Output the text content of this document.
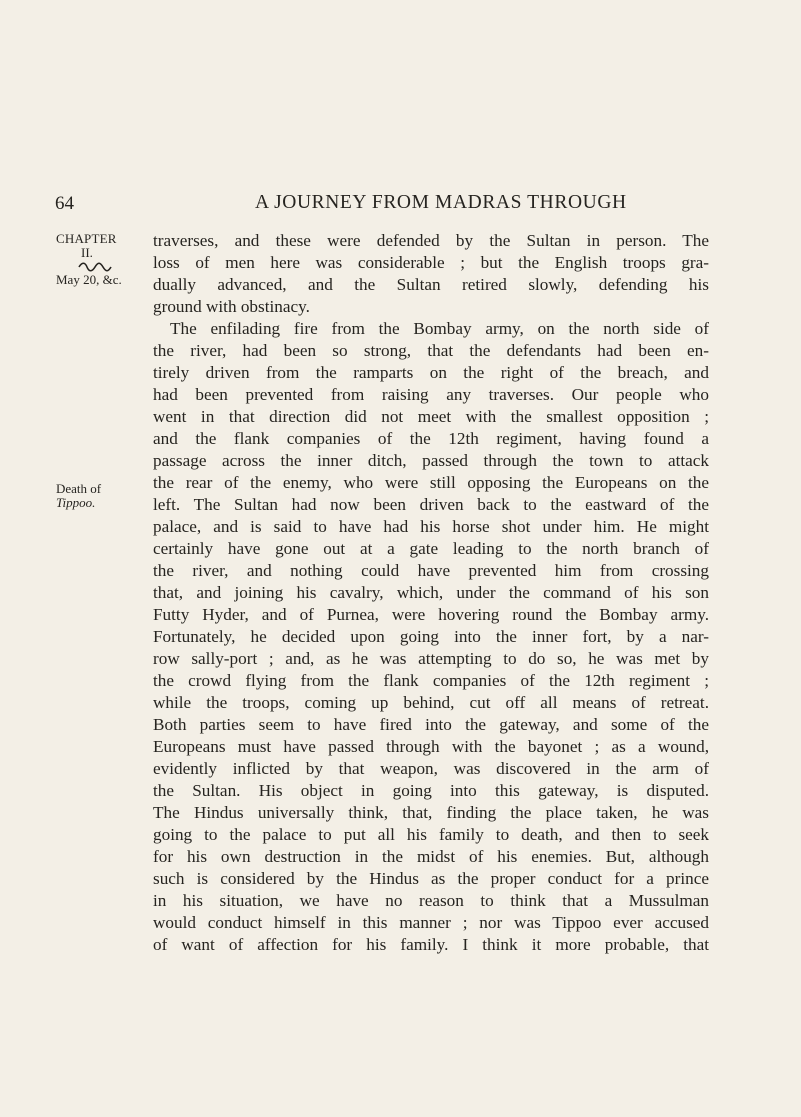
64	A JOURNEY FROM MADRAS THROUGH
CHAPTER
II.
May 20, &c.
Death of
Tippoo.
traverses, and these were defended by the Sultan in person. The
loss of men here was considerable ; but the English troops gra-
dually advanced, and the Sultan retired slowly, defending his
ground with obstinacy.
The enfilading fire from the Bombay army, on the north side of
the river, had been so strong, that the defendants had been en-
tirely driven from the ramparts on the right of the breach, and
had been prevented from raising any traverses. Our people who
went in that direction did not meet with the smallest opposition ;
and the flank companies of the 12th regiment, having found a
passage across the inner ditch, passed through the town to attack
the rear of the enemy, who were still opposing the Europeans on the
left. The Sultan had now been driven back to the eastward of the
palace, and is said to have had his horse shot under him. He might
certainly have gone out at a gate leading to the north branch of
the river, and nothing could have prevented him from crossing
that, and joining his cavalry, which, under the command of his son
Futty Hyder, and of Purnea, were hovering round the Bombay army.
Fortunately, he decided upon going into the inner fort, by a nar-
row sally-port ; and, as he was attempting to do so, he was met by
the crowd flying from the flank companies of the 12th regiment ;
while the troops, coming up behind, cut off all means of retreat.
Both parties seem to have fired into the gateway, and some of the
Europeans must have passed through with the bayonet ; as a wound,
evidently inflicted by that weapon, was discovered in the arm of
the Sultan. His object in going into this gateway, is disputed.
The Hindus universally think, that, finding the place taken, he was
going to the palace to put all his family to death, and then to seek
for his own destruction in the midst of his enemies. But, although
such is considered by the Hindus as the proper conduct for a prince
in his situation, we have no reason to think that a Mussulman
would conduct himself in this manner ; nor was Tippoo ever accused
of want of affection for his family. I think it more probable, that
